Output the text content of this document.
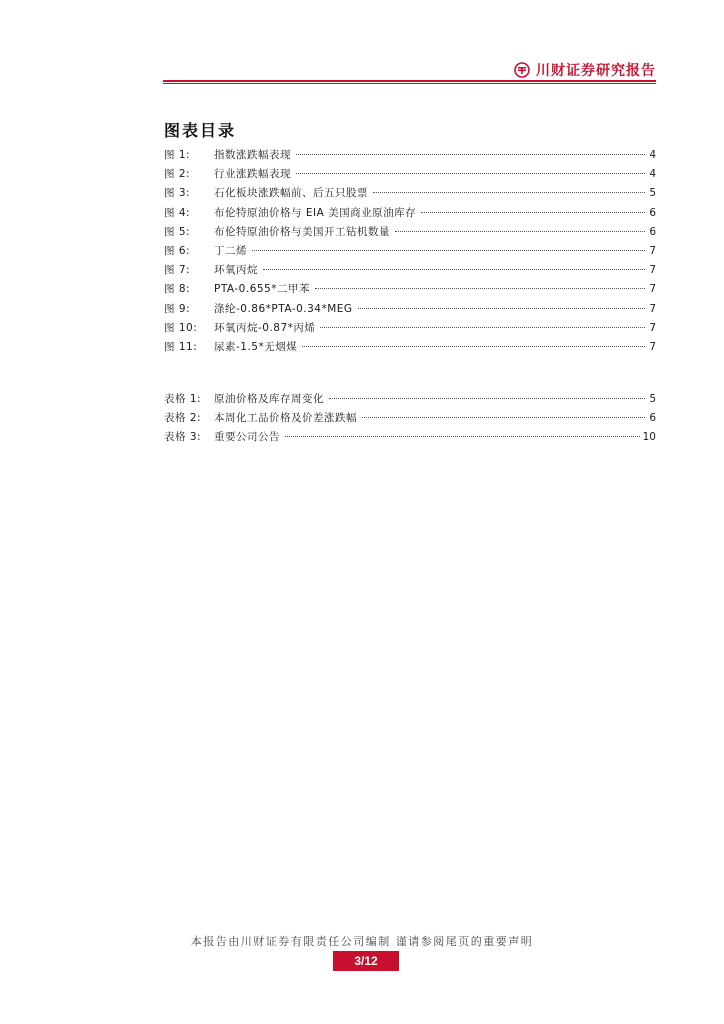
川财证券研究报告
图表目录
图 1:	指数涨跌幅表现	4
图 2:	行业涨跌幅表现	4
图 3:	石化板块涨跌幅前、后五只股票	5
图 4:	布伦特原油价格与 EIA 美国商业原油库存	6
图 5:	布伦特原油价格与美国开工钻机数量	6
图 6:	丁二烯	7
图 7:	环氧丙烷	7
图 8:	PTA-0.655*二甲苯	7
图 9:	涤纶-0.86*PTA-0.34*MEG	7
图 10:	环氧丙烷-0.87*丙烯	7
图 11:	尿素-1.5*无烟煤	7
表格 1:	原油价格及库存周变化	5
表格 2:	本周化工品价格及价差涨跌幅	6
表格 3:	重要公司公告	10
本报告由川财证券有限责任公司编制 谨请参阅尾页的重要声明
3/12
